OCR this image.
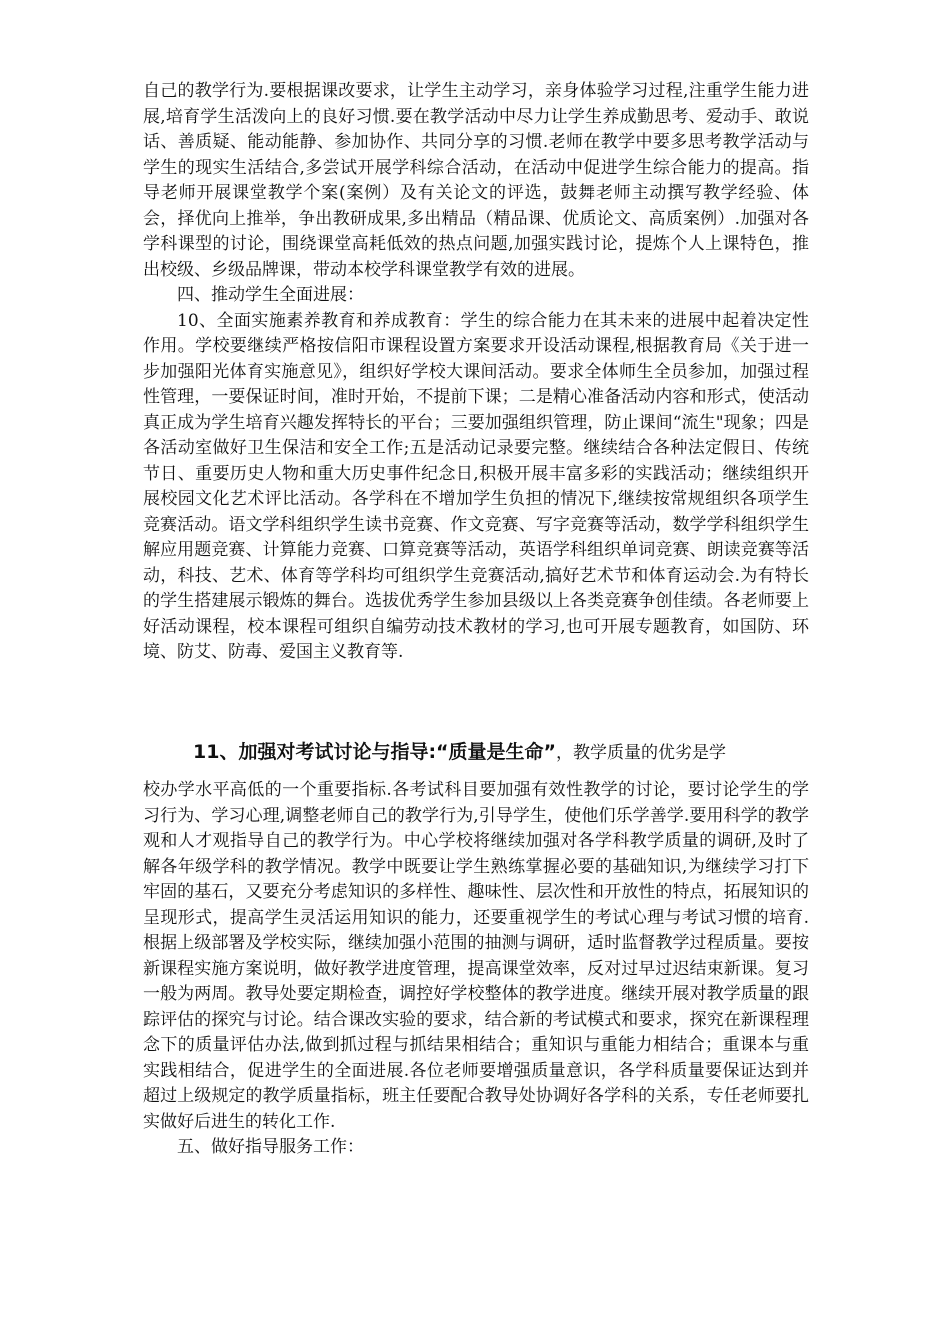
自己的教学行为.要根据课改要求，让学生主动学习，亲身体验学习过程,注重学生能力进展,培育学生活泼向上的良好习惯.要在教学活动中尽力让学生养成勤思考、爱动手、敢说话、善质疑、能动能静、参加协作、共同分享的习惯.老师在教学中要多思考教学活动与学生的现实生活结合,多尝试开展学科综合活动，在活动中促进学生综合能力的提高。指导老师开展课堂教学个案(案例）及有关论文的评选，鼓舞老师主动撰写教学经验、体会，择优向上推举，争出教研成果,多出精品（精品课、优质论文、高质案例）.加强对各学科课型的讨论，围绕课堂高耗低效的热点问题,加强实践讨论，提炼个人上课特色，推出校级、乡级品牌课，带动本校学科课堂教学有效的进展。

四、推动学生全面进展：

10、全面实施素养教育和养成教育：学生的综合能力在其未来的进展中起着决定性作用。学校要继续严格按信阳市课程设置方案要求开设活动课程,根据教育局《关于进一步加强阳光体育实施意见》，组织好学校大课间活动。要求全体师生全员参加，加强过程性管理，一要保证时间，准时开始，不提前下课；二是精心准备活动内容和形式，使活动真正成为学生培育兴趣发挥特长的平台；三要加强组织管理，防止课间“流生"现象；四是各活动室做好卫生保洁和安全工作;五是活动记录要完整。继续结合各种法定假日、传统节日、重要历史人物和重大历史事件纪念日,积极开展丰富多彩的实践活动；继续组织开展校园文化艺术评比活动。各学科在不增加学生负担的情况下,继续按常规组织各项学生竞赛活动。语文学科组织学生读书竞赛、作文竞赛、写字竞赛等活动，数学学科组织学生解应用题竞赛、计算能力竞赛、口算竞赛等活动，英语学科组织单词竞赛、朗读竞赛等活动，科技、艺术、体育等学科均可组织学生竞赛活动,搞好艺术节和体育运动会.为有特长的学生搭建展示锻炼的舞台。选拔优秀学生参加县级以上各类竞赛争创佳绩。各老师要上好活动课程，校本课程可组织自编劳动技术教材的学习,也可开展专题教育，如国防、环境、防艾、防毒、爱国主义教育等.

11、加强对考试讨论与指导:“质量是生命”，教学质量的优劣是学

校办学水平高低的一个重要指标.各考试科目要加强有效性教学的讨论，要讨论学生的学习行为、学习心理,调整老师自己的教学行为,引导学生，使他们乐学善学.要用科学的教学观和人才观指导自己的教学行为。中心学校将继续加强对各学科教学质量的调研,及时了解各年级学科的教学情况。教学中既要让学生熟练掌握必要的基础知识,为继续学习打下牢固的基石，又要充分考虑知识的多样性、趣味性、层次性和开放性的特点，拓展知识的呈现形式，提高学生灵活运用知识的能力，还要重视学生的考试心理与考试习惯的培育.根据上级部署及学校实际，继续加强小范围的抽测与调研，适时监督教学过程质量。要按新课程实施方案说明，做好教学进度管理，提高课堂效率，反对过早过迟结束新课。复习一般为两周。教导处要定期检查，调控好学校整体的教学进度。继续开展对教学质量的跟踪评估的探究与讨论。结合课改实验的要求，结合新的考试模式和要求，探究在新课程理念下的质量评估办法,做到抓过程与抓结果相结合；重知识与重能力相结合；重课本与重实践相结合，促进学生的全面进展.各位老师要增强质量意识，各学科质量要保证达到并超过上级规定的教学质量指标，班主任要配合教导处协调好各学科的关系，专任老师要扎实做好后进生的转化工作.

五、做好指导服务工作：
